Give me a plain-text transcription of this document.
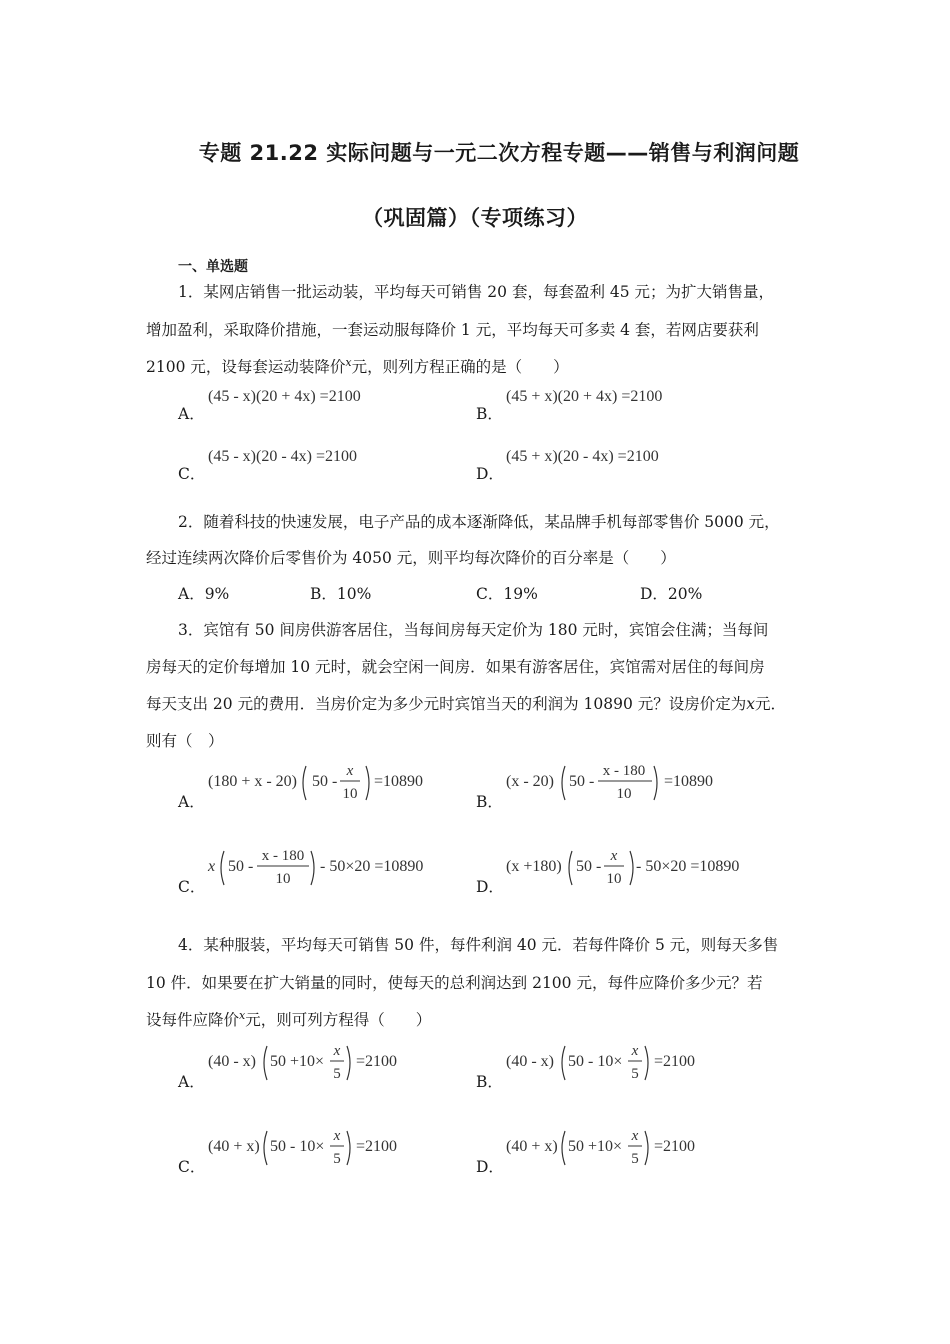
专题 21.22 实际问题与一元二次方程专题——销售与利润问题
（巩固篇）（专项练习）
一、单选题
1．某网店销售一批运动装，平均每天可销售 20 套，每套盈利 45 元；为扩大销售量，
增加盈利，采取降价措施，一套运动服每降价 1 元，平均每天可多卖 4 套，若网店要获利
2100 元，设每套运动装降价$^x$元，则列方程正确的是（　　）
A．
(45 - x)(20 + 4x) =2100
B．
(45 + x)(20 + 4x) =2100
C．
(45 - x)(20 - 4x) =2100
D．
(45 + x)(20 - 4x) =2100
2．随着科技的快速发展，电子产品的成本逐渐降低，某品牌手机每部零售价 5000 元，
经过连续两次降价后零售价为 4050 元，则平均每次降价的百分率是（　　）
A．9%	B．10%	C．19%	D．20%
3．宾馆有 50 间房供游客居住，当每间房每天定价为 180 元时，宾馆会住满；当每间
房每天的定价每增加 10 元时，就会空闲一间房．如果有游客居住，宾馆需对居住的每间房
每天支出 20 元的费用．当房价定为多少元时宾馆当天的利润为 10890 元？设房价定为x元．
则有（　）
A．
(180 + x - 20) 50 -
x
10
=10890
B．
(x - 20) 50 -
x - 180
10
=10890
C．
x 50 -
x - 180
10
- 50×20 =10890
D．
(x +180) 50 -
x
10
- 50×20 =10890
4．某种服装，平均每天可销售 50 件，每件利润 40 元．若每件降价 5 元，则每天多售
10 件．如果要在扩大销量的同时，使每天的总利润达到 2100 元，每件应降价多少元？若
设每件应降价$^x$元，则可列方程得（　　）
A．
(40 - x) 50 +10×
x
5
=2100
B．
(40 - x) 50 - 10×
x
5
=2100
C．
(40 + x) 50 - 10×
x
5
=2100
D．
(40 + x) 50 +10×
x
5
=2100
